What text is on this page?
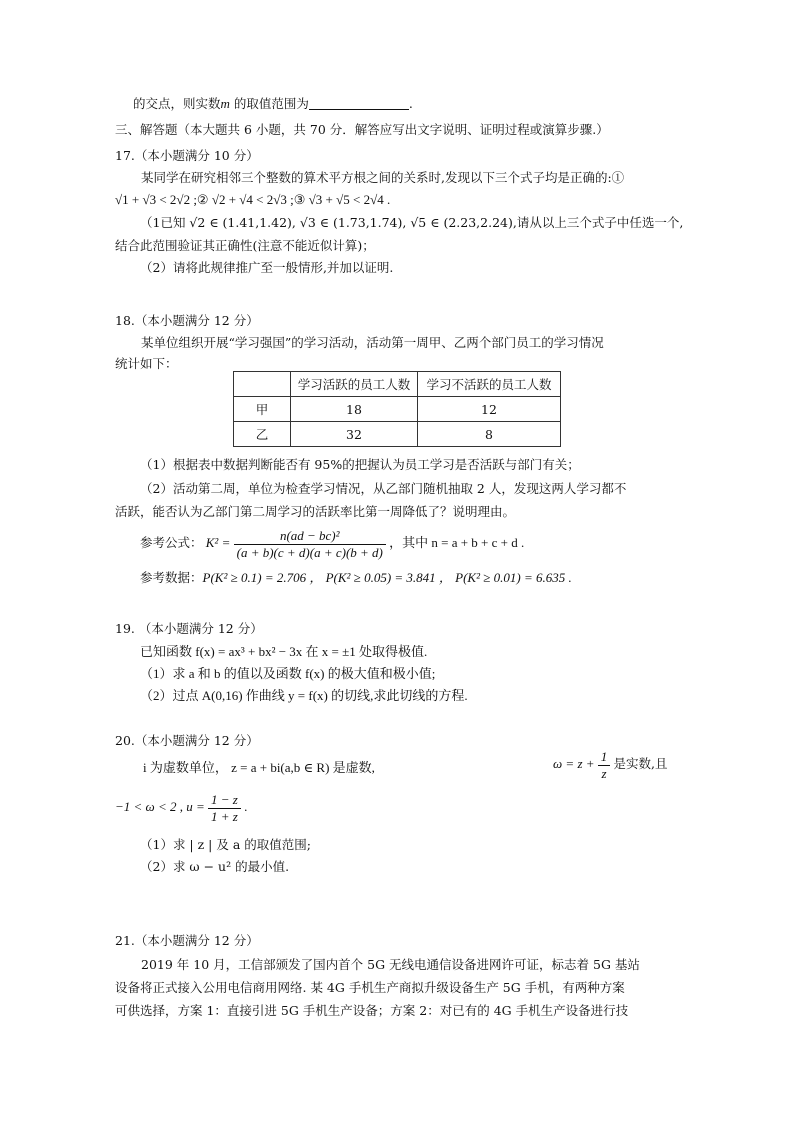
的交点，则实数m 的取值范围为	.
三、解答题（本大题共 6 小题，共 70 分．解答应写出文字说明、证明过程或演算步骤.）
17.（本小题满分 10 分）
某同学在研究相邻三个整数的算术平方根之间的关系时,发现以下三个式子均是正确的:①
√1 + √3 < 2√2 ;② √2 + √4 < 2√3 ;③ √3 + √5 < 2√4 .
（1已知 √2 ∈ (1.41,1.42), √3 ∈ (1.73,1.74), √5 ∈ (2.23,2.24),请从以上三个式子中任选一个,
结合此范围验证其正确性(注意不能近似计算)；
（2）请将此规律推广至一般情形,并加以证明.
18.（本小题满分 12 分）
某单位组织开展“学习强国”的学习活动，活动第一周甲、乙两个部门员工的学习情况
统计如下：
	学习活跃的员工人数	学习不活跃的员工人数
甲	18	12
乙	32	8
（1）根据表中数据判断能否有 95%的把握认为员工学习是否活跃与部门有关；
（2）活动第二周，单位为检查学习情况，从乙部门随机抽取 2 人，发现这两人学习都不
活跃，能否认为乙部门第二周学习的活跃率比第一周降低了？说明理由。
参考公式： $K^2 = \frac{\text{n(ad − bc)²}}{(a + b)(c + d)(a + c)(b + d)}$ ，其中 n = a + b + c + d .
参考数据：P(K² ≥ 0.1) = 2.706 ， P(K² ≥ 0.05) = 3.841 ， P(K² ≥ 0.01) = 6.635 .
19. （本小题满分 12 分）
已知函数 f(x) = ax³ + bx² − 3x 在 x = ±1 处取得极值.
（1）求 a 和 b 的值以及函数 f(x) 的极大值和极小值;
（2）过点 A(0,16) 作曲线 y = f(x) 的切线,求此切线的方程.
20.（本小题满分 12 分）
i 为虚数单位， z = a + bi(a,b ∈ R) 是虚数,	$\omega = z + \frac{1}{z}$ 是实数,且
−1 < ω < 2 , $u = \frac{1 - z}{1 + z}$ .
（1）求 | z | 及 a 的取值范围;
（2）求 ω − u² 的最小值.
21.（本小题满分 12 分）
2019 年 10 月，工信部颁发了国内首个 5G 无线电通信设备进网许可证，标志着 5G 基站
设备将正式接入公用电信商用网络. 某 4G 手机生产商拟升级设备生产 5G 手机，有两种方案
可供选择，方案 1：直接引进 5G 手机生产设备；方案 2：对已有的 4G 手机生产设备进行技
